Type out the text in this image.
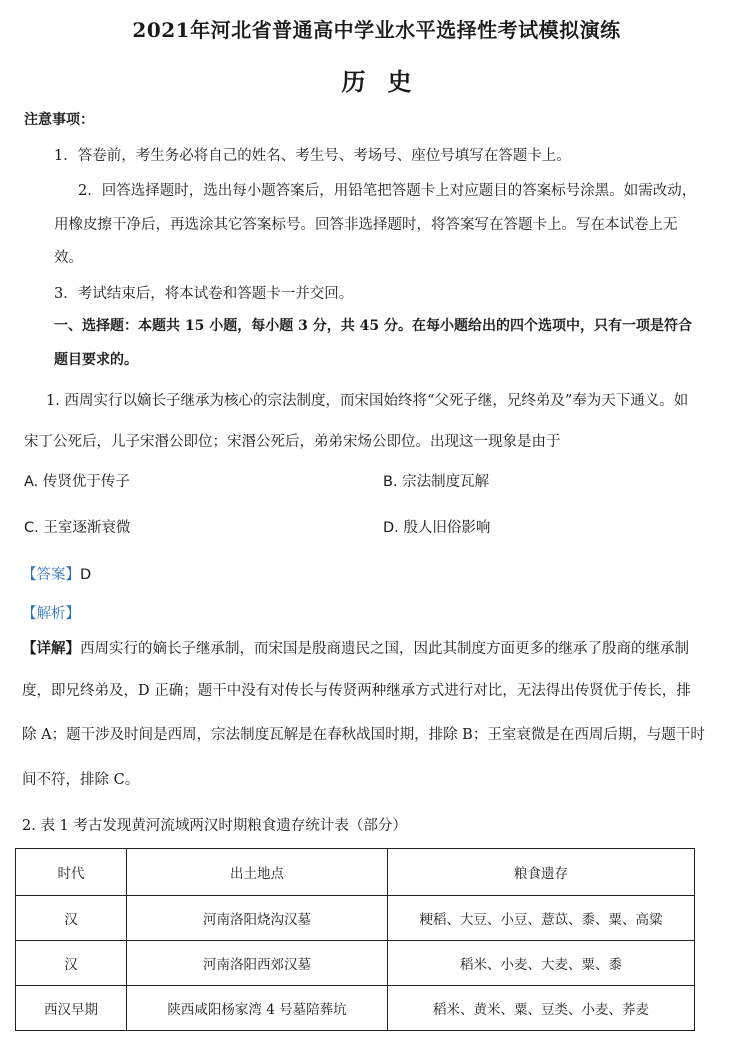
2021年河北省普通高中学业水平选择性考试模拟演练
历史
注意事项：
1．答卷前，考生务必将自己的姓名、考生号、考场号、座位号填写在答题卡上。
2．回答选择题时，选出每小题答案后，用铅笔把答题卡上对应题目的答案标号涂黑。如需改动，
用橡皮擦干净后，再选涂其它答案标号。回答非选择题时，将答案写在答题卡上。写在本试卷上无
效。
3．考试结束后，将本试卷和答题卡一并交回。
一、选择题：本题共 15 小题，每小题 3 分，共 45 分。在每小题给出的四个选项中，只有一项是符合
题目要求的。
1. 西周实行以嫡长子继承为核心的宗法制度，而宋国始终将“父死子继，兄终弟及”奉为天下通义。如
宋丁公死后，儿子宋湣公即位；宋湣公死后，弟弟宋炀公即位。出现这一现象是由于
A. 传贤优于传子	B. 宗法制度瓦解
C. 王室逐渐衰微	D. 殷人旧俗影响
【答案】D
【解析】
【详解】西周实行的嫡长子继承制，而宋国是殷商遗民之国，因此其制度方面更多的继承了殷商的继承制
度，即兄终弟及，D 正确；题干中没有对传长与传贤两种继承方式进行对比，无法得出传贤优于传长，排
除 A；题干涉及时间是西周，宗法制度瓦解是在春秋战国时期，排除 B；王室衰微是在西周后期，与题干时
间不符，排除 C。
2. 表 1 考古发现黄河流域两汉时期粮食遗存统计表（部分）
时代	出土地点	粮食遗存
汉	河南洛阳烧沟汉墓	粳稻、大豆、小豆、薏苡、黍、粟、高粱
汉	河南洛阳西郊汉墓	稻米、小麦、大麦、粟、黍
西汉早期	陕西咸阳杨家湾 4 号墓陪葬坑	稻米、黄米、粟、豆类、小麦、荞麦
